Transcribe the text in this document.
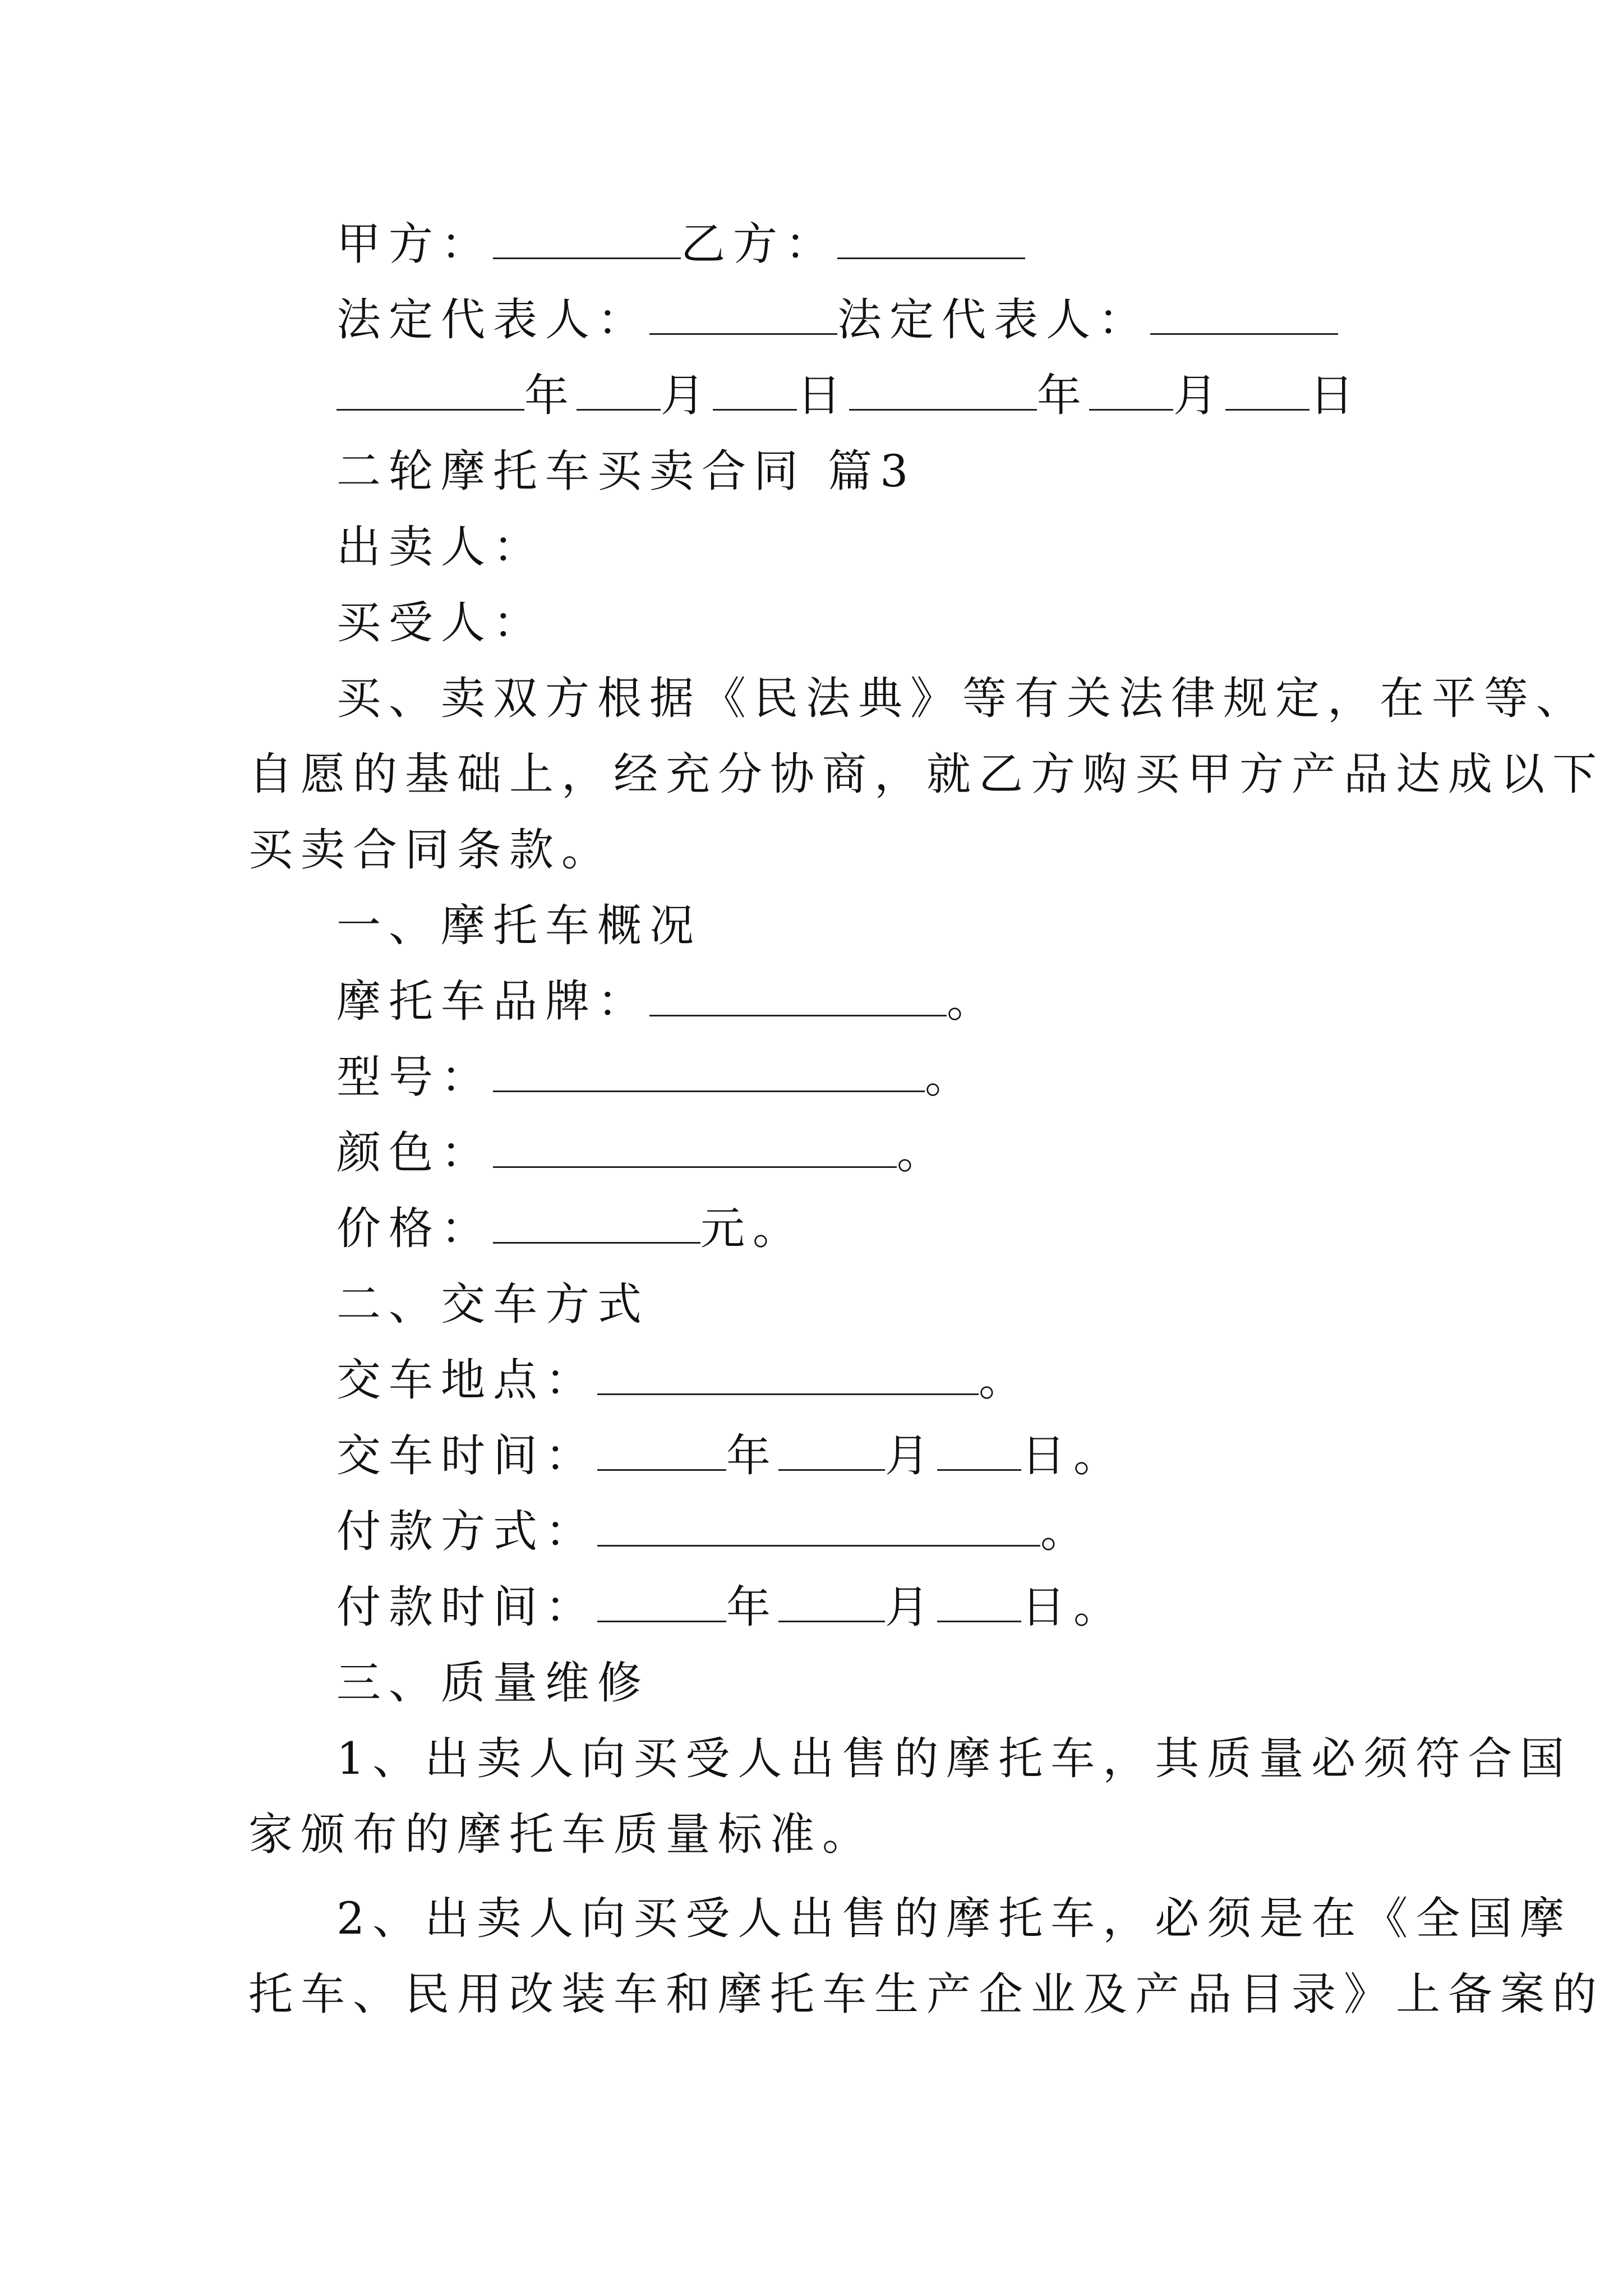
甲方：	乙方：
法定代表人：	法定代表人：
年 月 日	年 月 日
二轮摩托车买卖合同 篇3
出卖人：
买受人：
买、卖双方根据《民法典》等有关法律规定，在平等、
自愿的基础上，经充分协商，就乙方购买甲方产品达成以下
买卖合同条款。
一、摩托车概况
摩托车品牌：	。
型号：	。
颜色：	。
价格：	元。
二、交车方式
交车地点：	。
交车时间：	年 月 日。
付款方式：	。
付款时间：	年 月 日。
三、质量维修
1、出卖人向买受人出售的摩托车，其质量必须符合国
家颁布的摩托车质量标准。
2、出卖人向买受人出售的摩托车，必须是在《全国摩
托车、民用改装车和摩托车生产企业及产品目录》上备案的
